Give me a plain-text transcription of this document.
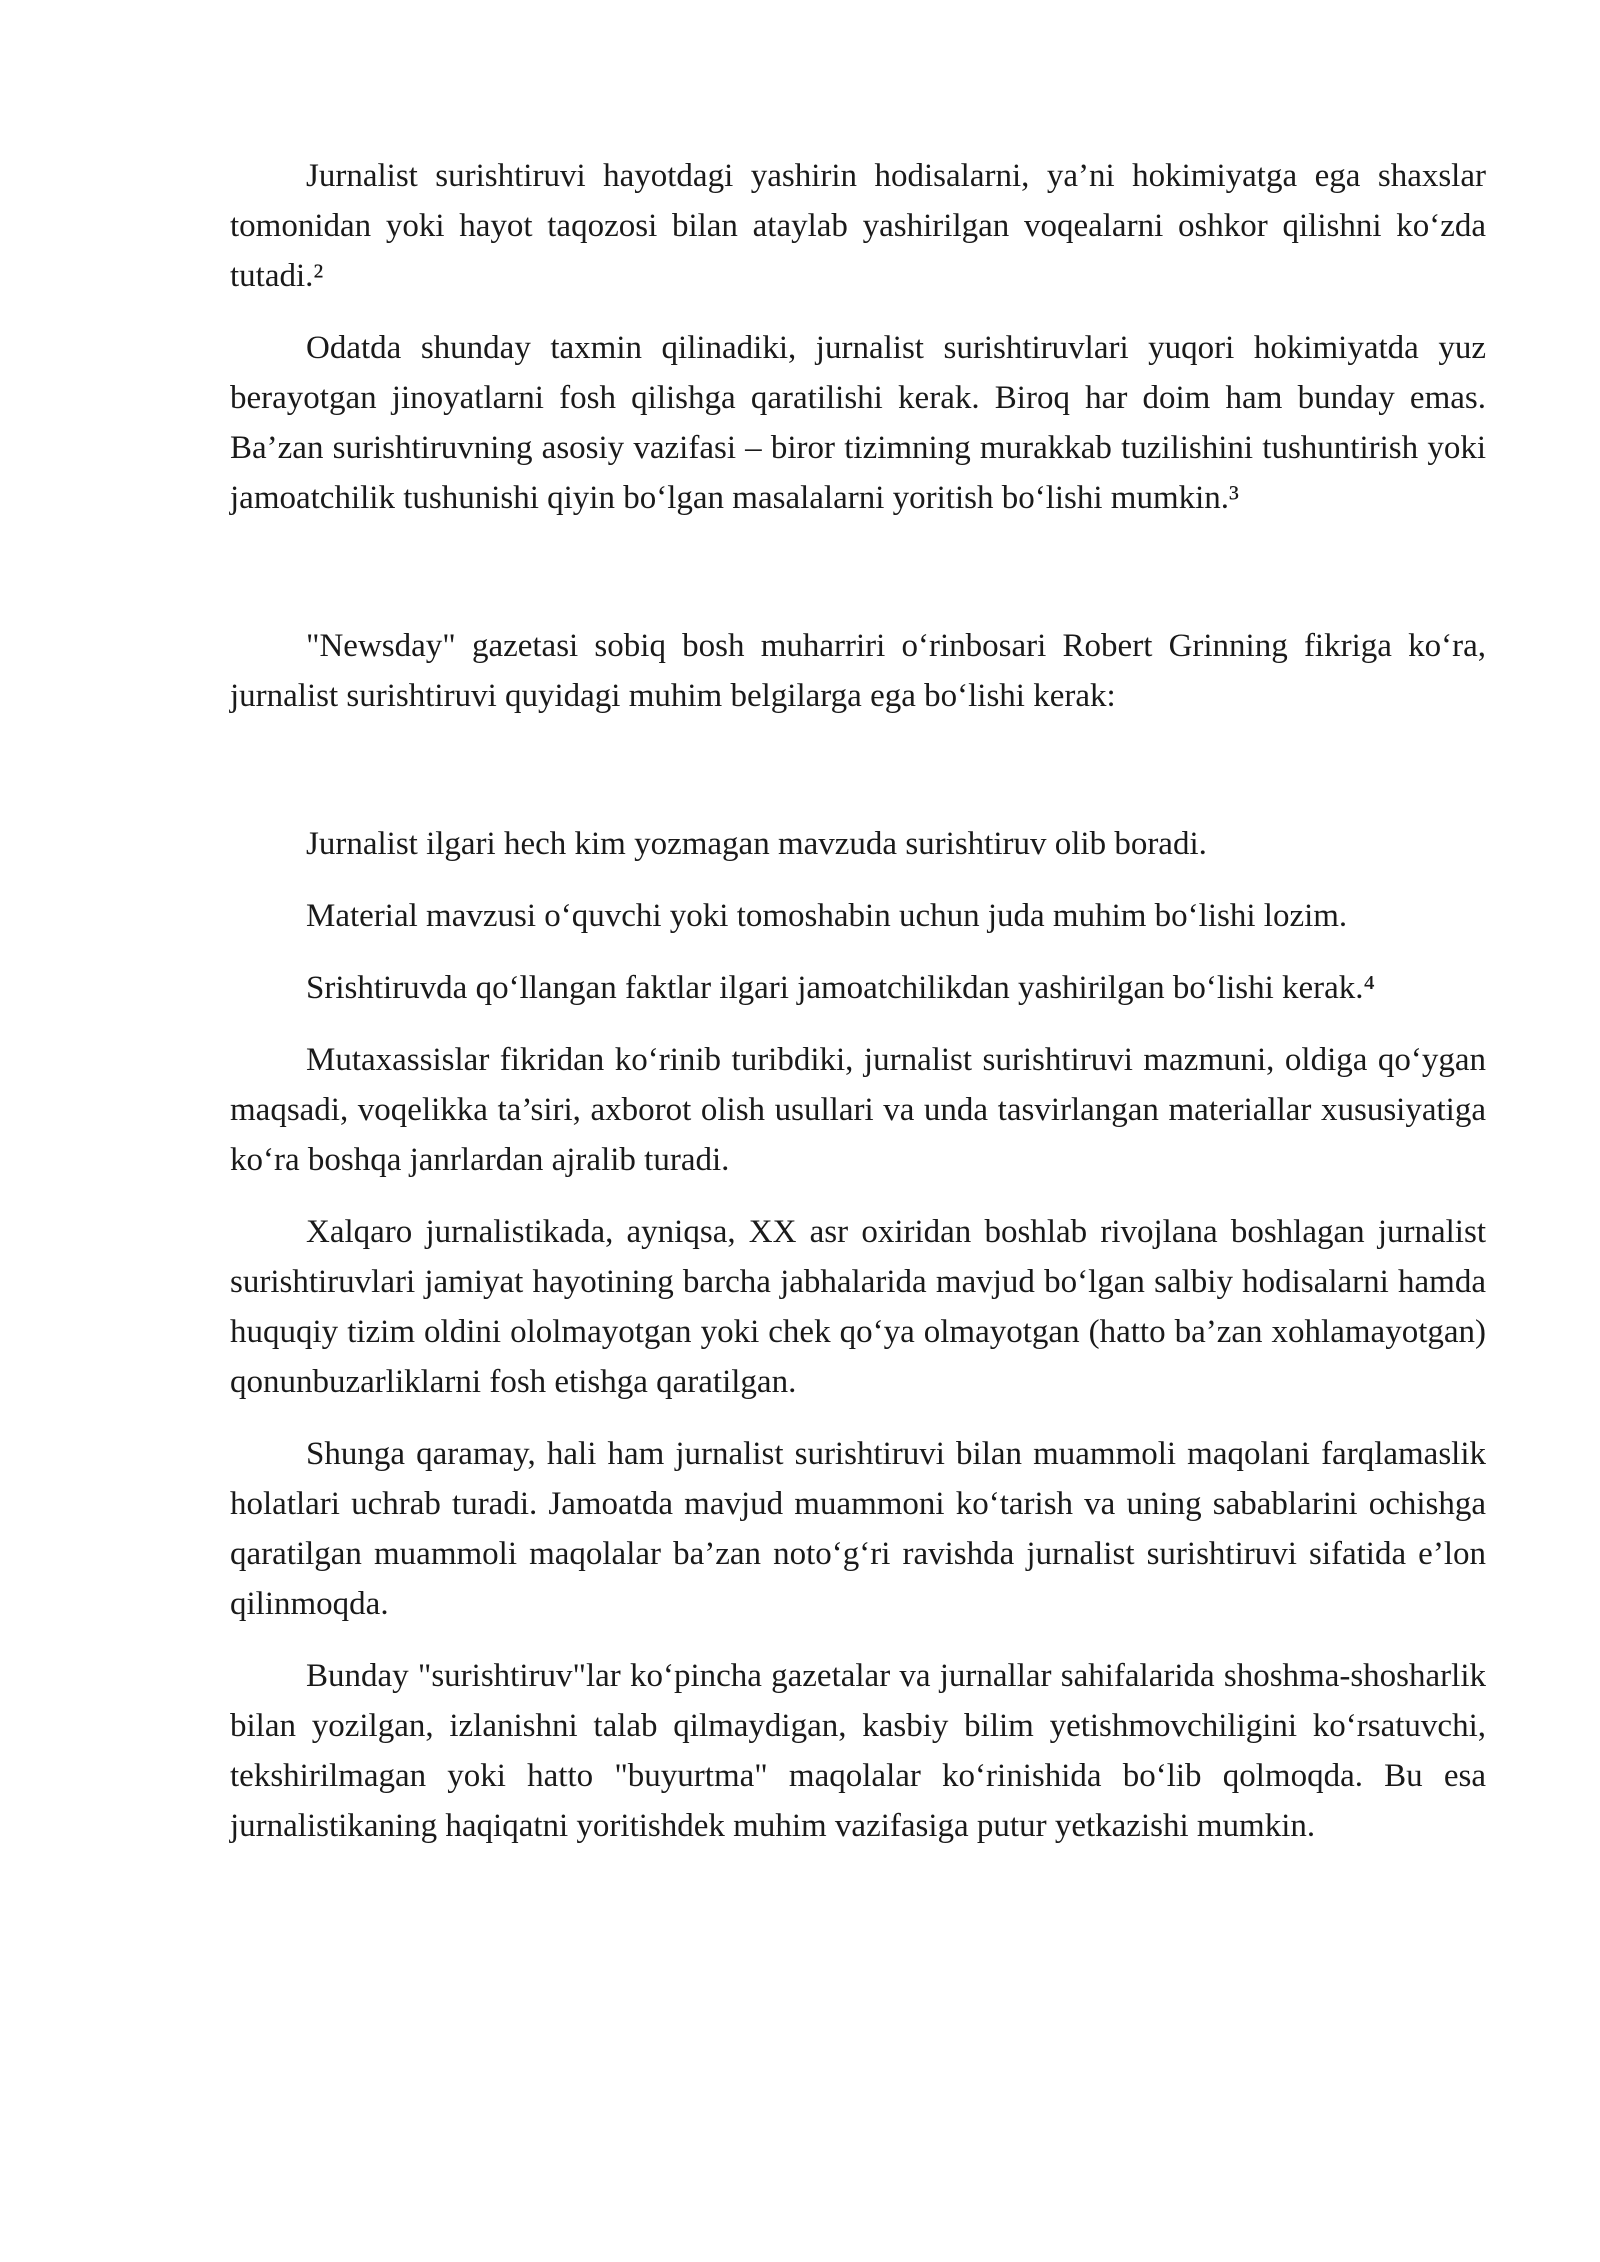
Jurnalist surishtiruvi hayotdagi yashirin hodisalarni, ya’ni hokimiyatga ega shaxslar tomonidan yoki hayot taqozosi bilan ataylab yashirilgan voqealarni oshkor qilishni ko‘zda tutadi.²

Odatda shunday taxmin qilinadiki, jurnalist surishtiruvlari yuqori hokimiyatda yuz berayotgan jinoyatlarni fosh qilishga qaratilishi kerak. Biroq har doim ham bunday emas. Ba’zan surishtiruvning asosiy vazifasi – biror tizimning murakkab tuzilishini tushuntirish yoki jamoatchilik tushunishi qiyin bo‘lgan masalalarni yoritish bo‘lishi mumkin.³

"Newsday" gazetasi sobiq bosh muharriri o‘rinbosari Robert Grinning fikriga ko‘ra, jurnalist surishtiruvi quyidagi muhim belgilarga ega bo‘lishi kerak:

Jurnalist ilgari hech kim yozmagan mavzuda surishtiruv olib boradi.

Material mavzusi o‘quvchi yoki tomoshabin uchun juda muhim bo‘lishi lozim.

Srishtiruvda qo‘llangan faktlar ilgari jamoatchilikdan yashirilgan bo‘lishi kerak.⁴

Mutaxassislar fikridan ko‘rinib turibdiki, jurnalist surishtiruvi mazmuni, oldiga qo‘ygan maqsadi, voqelikka ta’siri, axborot olish usullari va unda tasvirlangan materiallar xususiyatiga ko‘ra boshqa janrlardan ajralib turadi.

Xalqaro jurnalistikada, ayniqsa, XX asr oxiridan boshlab rivojlana boshlagan jurnalist surishtiruvlari jamiyat hayotining barcha jabhalarida mavjud bo‘lgan salbiy hodisalarni hamda huquqiy tizim oldini ololmayotgan yoki chek qo‘ya olmayotgan (hatto ba’zan xohlamayotgan) qonunbuzarliklarni fosh etishga qaratilgan.

Shunga qaramay, hali ham jurnalist surishtiruvi bilan muammoli maqolani farqlamaslik holatlari uchrab turadi. Jamoatda mavjud muammoni ko‘tarish va uning sabablarini ochishga qaratilgan muammoli maqolalar ba’zan noto‘g‘ri ravishda jurnalist surishtiruvi sifatida e’lon qilinmoqda.

Bunday "surishtiruv"lar ko‘pincha gazetalar va jurnallar sahifalarida shoshma-shosharlik bilan yozilgan, izlanishni talab qilmaydigan, kasbiy bilim yetishmovchiligini ko‘rsatuvchi, tekshirilmagan yoki hatto "buyurtma" maqolalar ko‘rinishida bo‘lib qolmoqda. Bu esa jurnalistikaning haqiqatni yoritishdek muhim vazifasiga putur yetkazishi mumkin.
